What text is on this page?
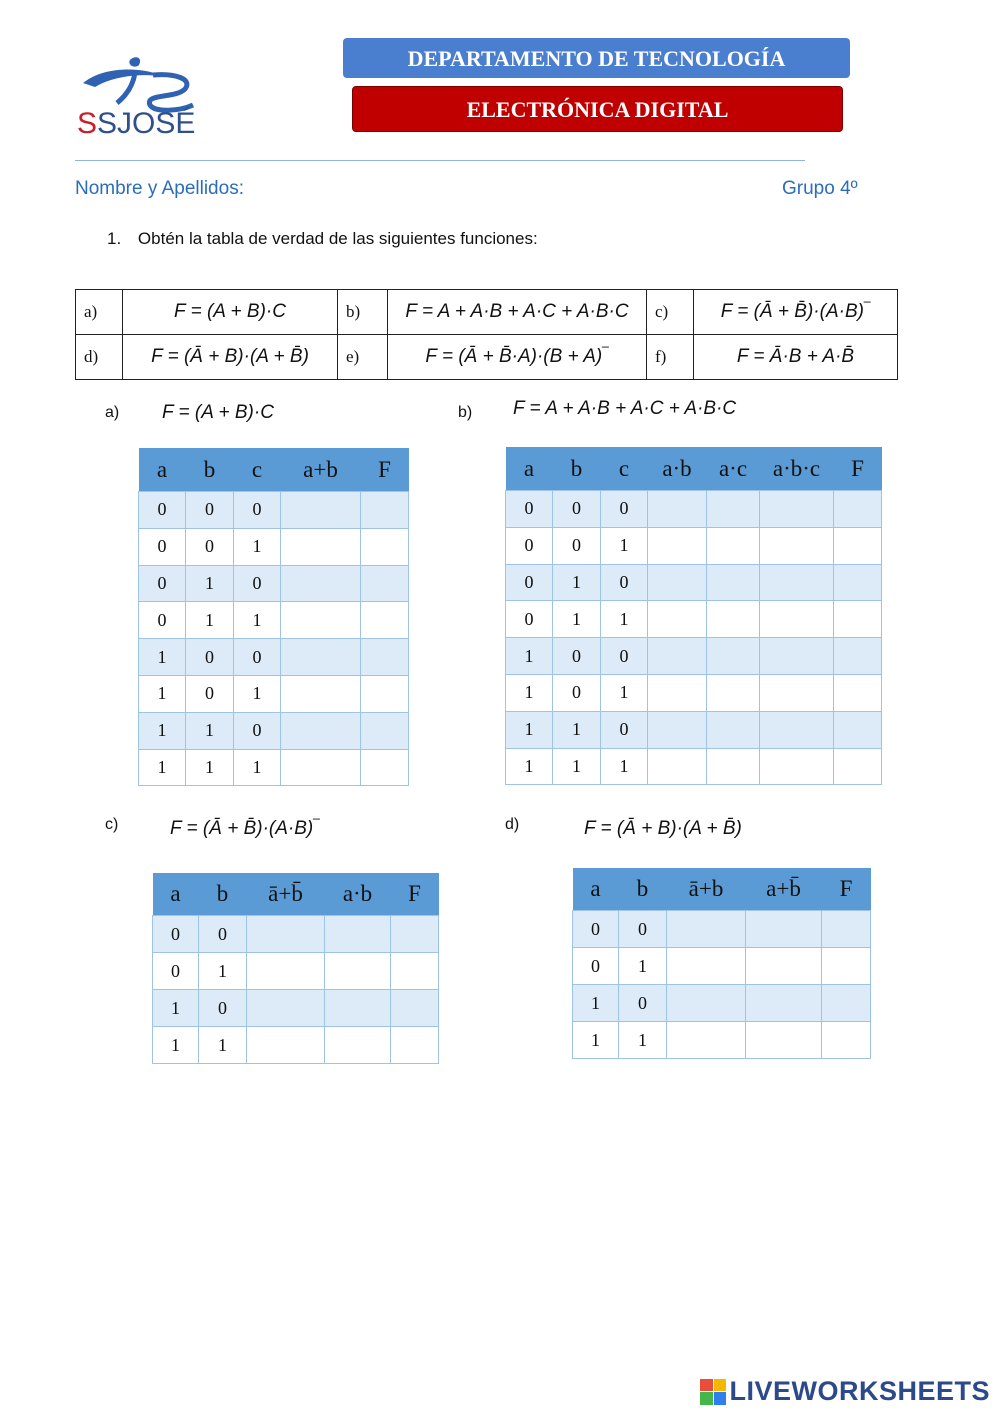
S SJOSÉ
DEPARTAMENTO DE TECNOLOGÍA
ELECTRÓNICA DIGITAL
Nombre y Apellidos:	Grupo 4º
1. Obtén la tabla de verdad de las siguientes funciones:
a)	F = (A + B)·C	b)	F = A + A·B + A·C + A·B·C	c)	F = (Ā + B̄)·(A·B)‾
d)	F = (Ā + B)·(A + B̄)	e)	F = (Ā + B̄·A)·(B + A)‾	f)	F = Ā·B + A·B̄
a) F = (A + B)·C
a	b	c	a+b	F
0	0	0		
0	0	1		
0	1	0		
0	1	1		
1	0	0		
1	0	1		
1	1	0		
1	1	1		
b) F = A + A·B + A·C + A·B·C
a	b	c	a·b	a·c	a·b·c	F
0	0	0				
0	0	1				
0	1	0				
0	1	1				
1	0	0				
1	0	1				
1	1	0				
1	1	1				
c)	F = (Ā + B̄)·(A·B)‾
a	b	ā+b̄	a·b	F
0	0			
0	1			
1	0			
1	1			
d)	F = (Ā + B)·(A + B̄)
a	b	ā+b	a+b̄	F
0	0			
0	1			
1	0			
1	1			
LIVEWORKSHEETS
